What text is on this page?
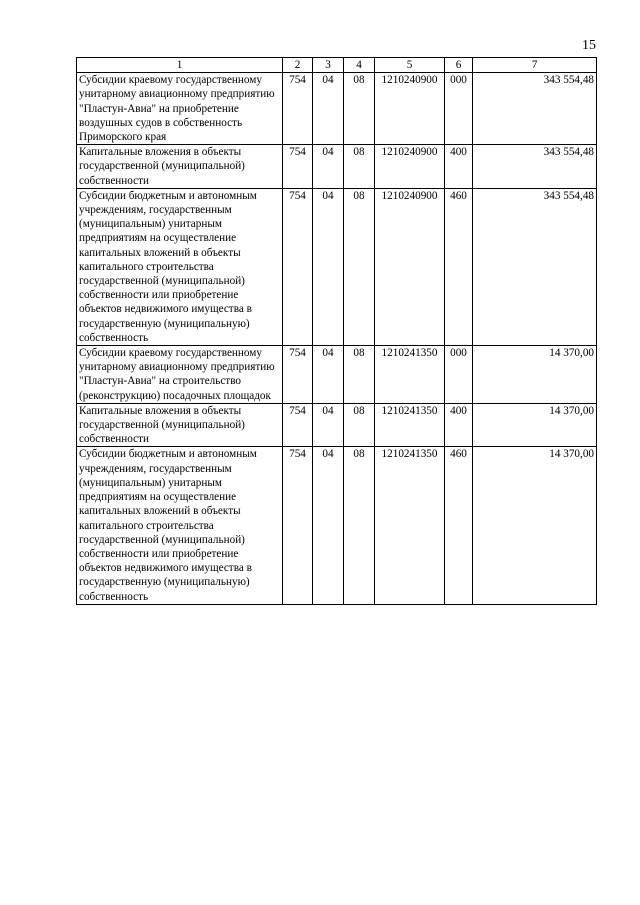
15
1	2	3	4	5	6	7
Субсидии краевому государственному унитарному авиационному предприятию "Пластун-Авиа" на приобретение воздушных судов в собственность Приморского края	754	04	08	1210240900	000	343 554,48
Капитальные вложения в объекты государственной (муниципальной) собственности	754	04	08	1210240900	400	343 554,48
Субсидии бюджетным и автономным учреждениям, государственным (муниципальным) унитарным предприятиям на осуществление капитальных вложений в объекты капитального строительства государственной (муниципальной) собственности или приобретение объектов недвижимого имущества в государственную (муниципальную) собственность	754	04	08	1210240900	460	343 554,48
Субсидии краевому государственному унитарному авиационному предприятию "Пластун-Авиа" на строительство (реконструкцию) посадочных площадок	754	04	08	1210241350	000	14 370,00
Капитальные вложения в объекты государственной (муниципальной) собственности	754	04	08	1210241350	400	14 370,00
Субсидии бюджетным и автономным учреждениям, государственным (муниципальным) унитарным предприятиям на осуществление капитальных вложений в объекты капитального строительства государственной (муниципальной) собственности или приобретение объектов недвижимого имущества в государственную (муниципальную) собственность	754	04	08	1210241350	460	14 370,00
